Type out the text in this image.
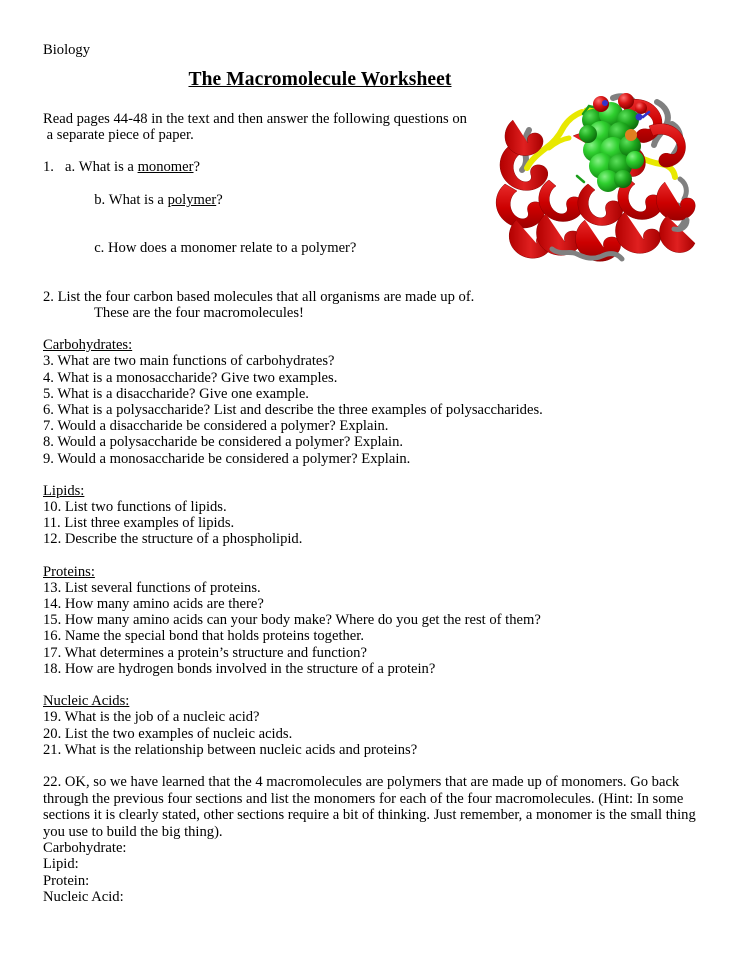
Biology
The Macromolecule Worksheet
Read pages 44-48 in the text and then answer the following questions on
a separate piece of paper.
1. a. What is a monomer?

b. What is a polymer?

c. How does a monomer relate to a polymer?

2. List the four carbon based molecules that all organisms are made up of.
These are the four macromolecules!
Carbohydrates:
3. What are two main functions of carbohydrates?
4. What is a monosaccharide? Give two examples.
5. What is a disaccharide? Give one example.
6. What is a polysaccharide? List and describe the three examples of polysaccharides.
7. Would a disaccharide be considered a polymer? Explain.
8. Would a polysaccharide be considered a polymer? Explain.
9. Would a monosaccharide be considered a polymer? Explain.
Lipids:
10. List two functions of lipids.
11. List three examples of lipids.
12. Describe the structure of a phospholipid.
Proteins:
13. List several functions of proteins.
14. How many amino acids are there?
15. How many amino acids can your body make? Where do you get the rest of them?
16. Name the special bond that holds proteins together.
17. What determines a protein’s structure and function?
18. How are hydrogen bonds involved in the structure of a protein?
Nucleic Acids:
19. What is the job of a nucleic acid?
20. List the two examples of nucleic acids.
21. What is the relationship between nucleic acids and proteins?
22. OK, so we have learned that the 4 macromolecules are polymers that are made up of monomers. Go back through the previous four sections and list the monomers for each of the four macromolecules. (Hint: In some sections it is clearly stated, other sections require a bit of thinking. Just remember, a monomer is the small thing you use to build the big thing).
Carbohydrate:
Lipid:
Protein:
Nucleic Acid:
